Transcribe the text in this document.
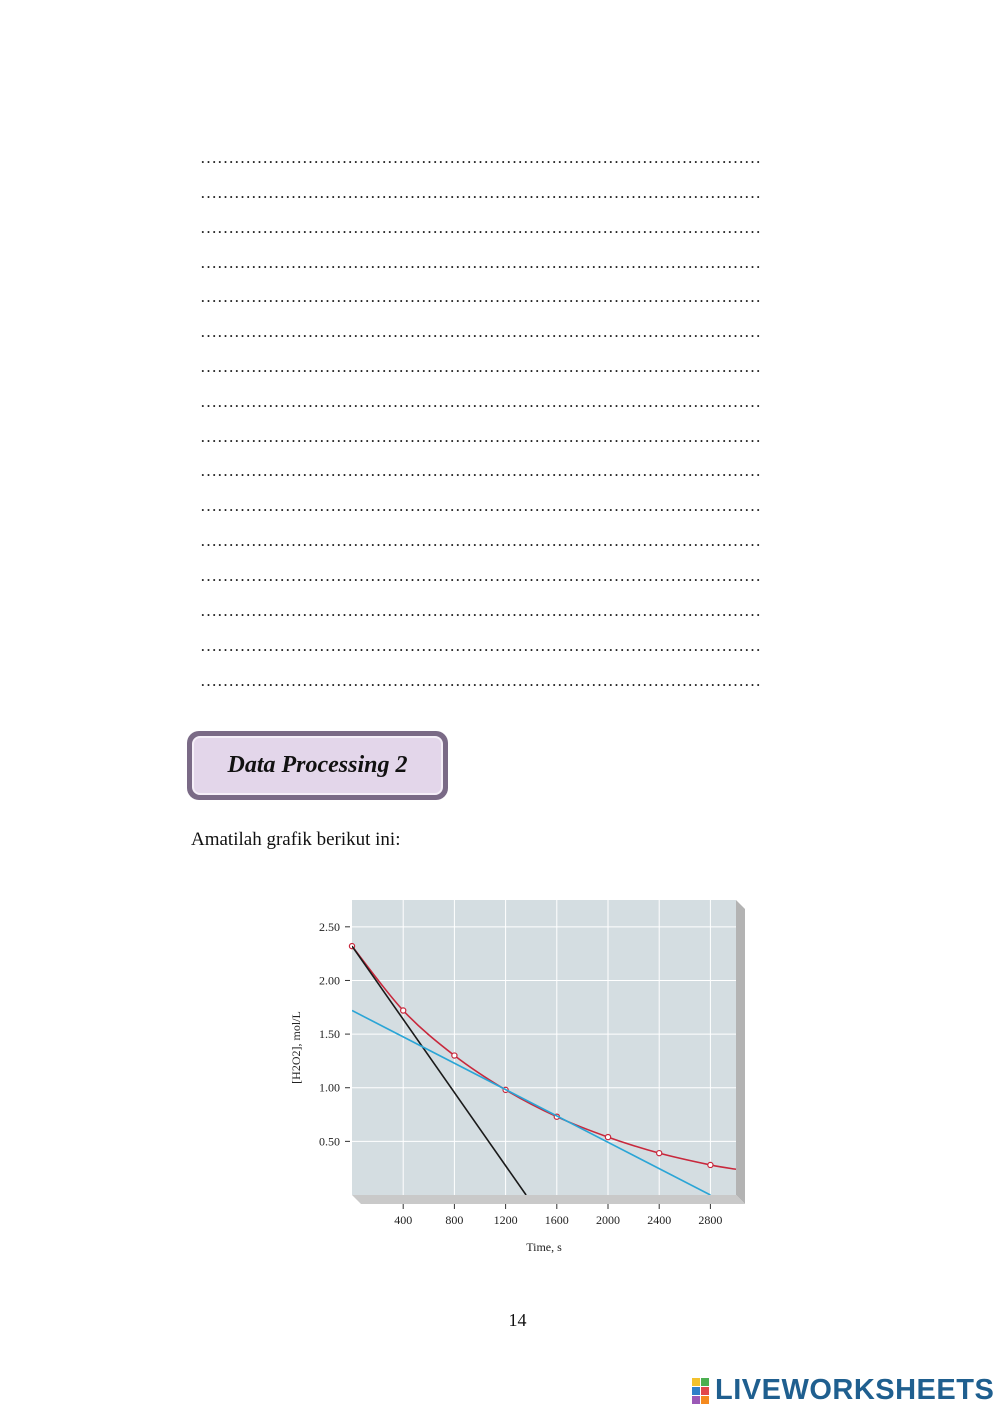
………………………………………………………………………………………
………………………………………………………………………………………
………………………………………………………………………………………
………………………………………………………………………………………
………………………………………………………………………………………
………………………………………………………………………………………
………………………………………………………………………………………
………………………………………………………………………………………
………………………………………………………………………………………
………………………………………………………………………………………
………………………………………………………………………………………
………………………………………………………………………………………
………………………………………………………………………………………
………………………………………………………………………………………
………………………………………………………………………………………
………………………………………………………………………………………
Data Processing 2
Amatilah grafik berikut ini:
400	800	1200 1600 2000 2400 2800
0.50
1.00
1.50
2.00
2.50
Time, s
[H2O2], mol/L
14
LIVEWORKSHEETS
